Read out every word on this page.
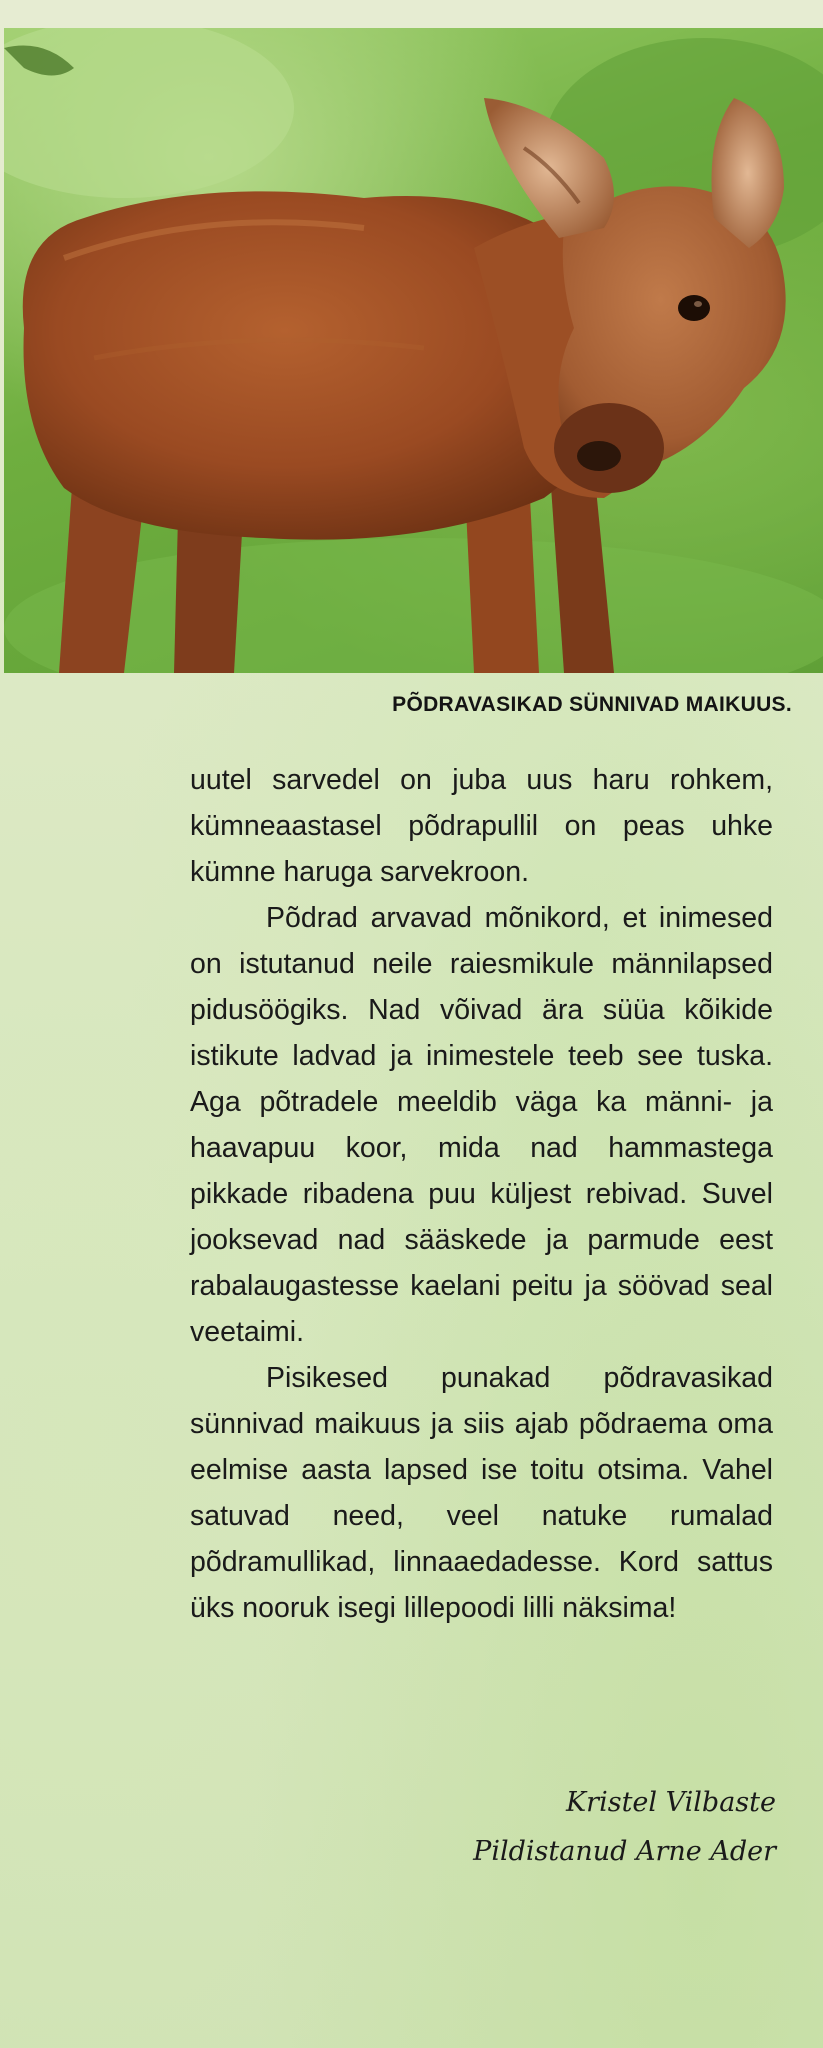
PÕDRAVASIKAD SÜNNIVAD MAIKUUS.

uutel sarvedel on juba uus haru rohkem, kümneaastasel põdrapullil on peas uhke kümne haruga sarvekroon.

Põdrad arvavad mõnikord, et inimesed on istutanud neile raiesmikule männilapsed pidusöögiks. Nad võivad ära süüa kõikide istikute ladvad ja inimestele teeb see tuska. Aga põtradele meeldib väga ka männi- ja haavapuu koor, mida nad hammastega pikkade ribadena puu küljest rebivad. Suvel jooksevad nad sääskede ja parmude eest rabalaugastesse kaelani peitu ja söövad seal veetaimi.

Pisikesed punakad põdravasikad sünnivad maikuus ja siis ajab põdraema oma eelmise aasta lapsed ise toitu otsima. Vahel satuvad need, veel natuke rumalad põdramullikad, linnaaedadesse. Kord sattus üks nooruk isegi lillepoodi lilli näksima!

Kristel Vilbaste
Pildistanud Arne Ader
